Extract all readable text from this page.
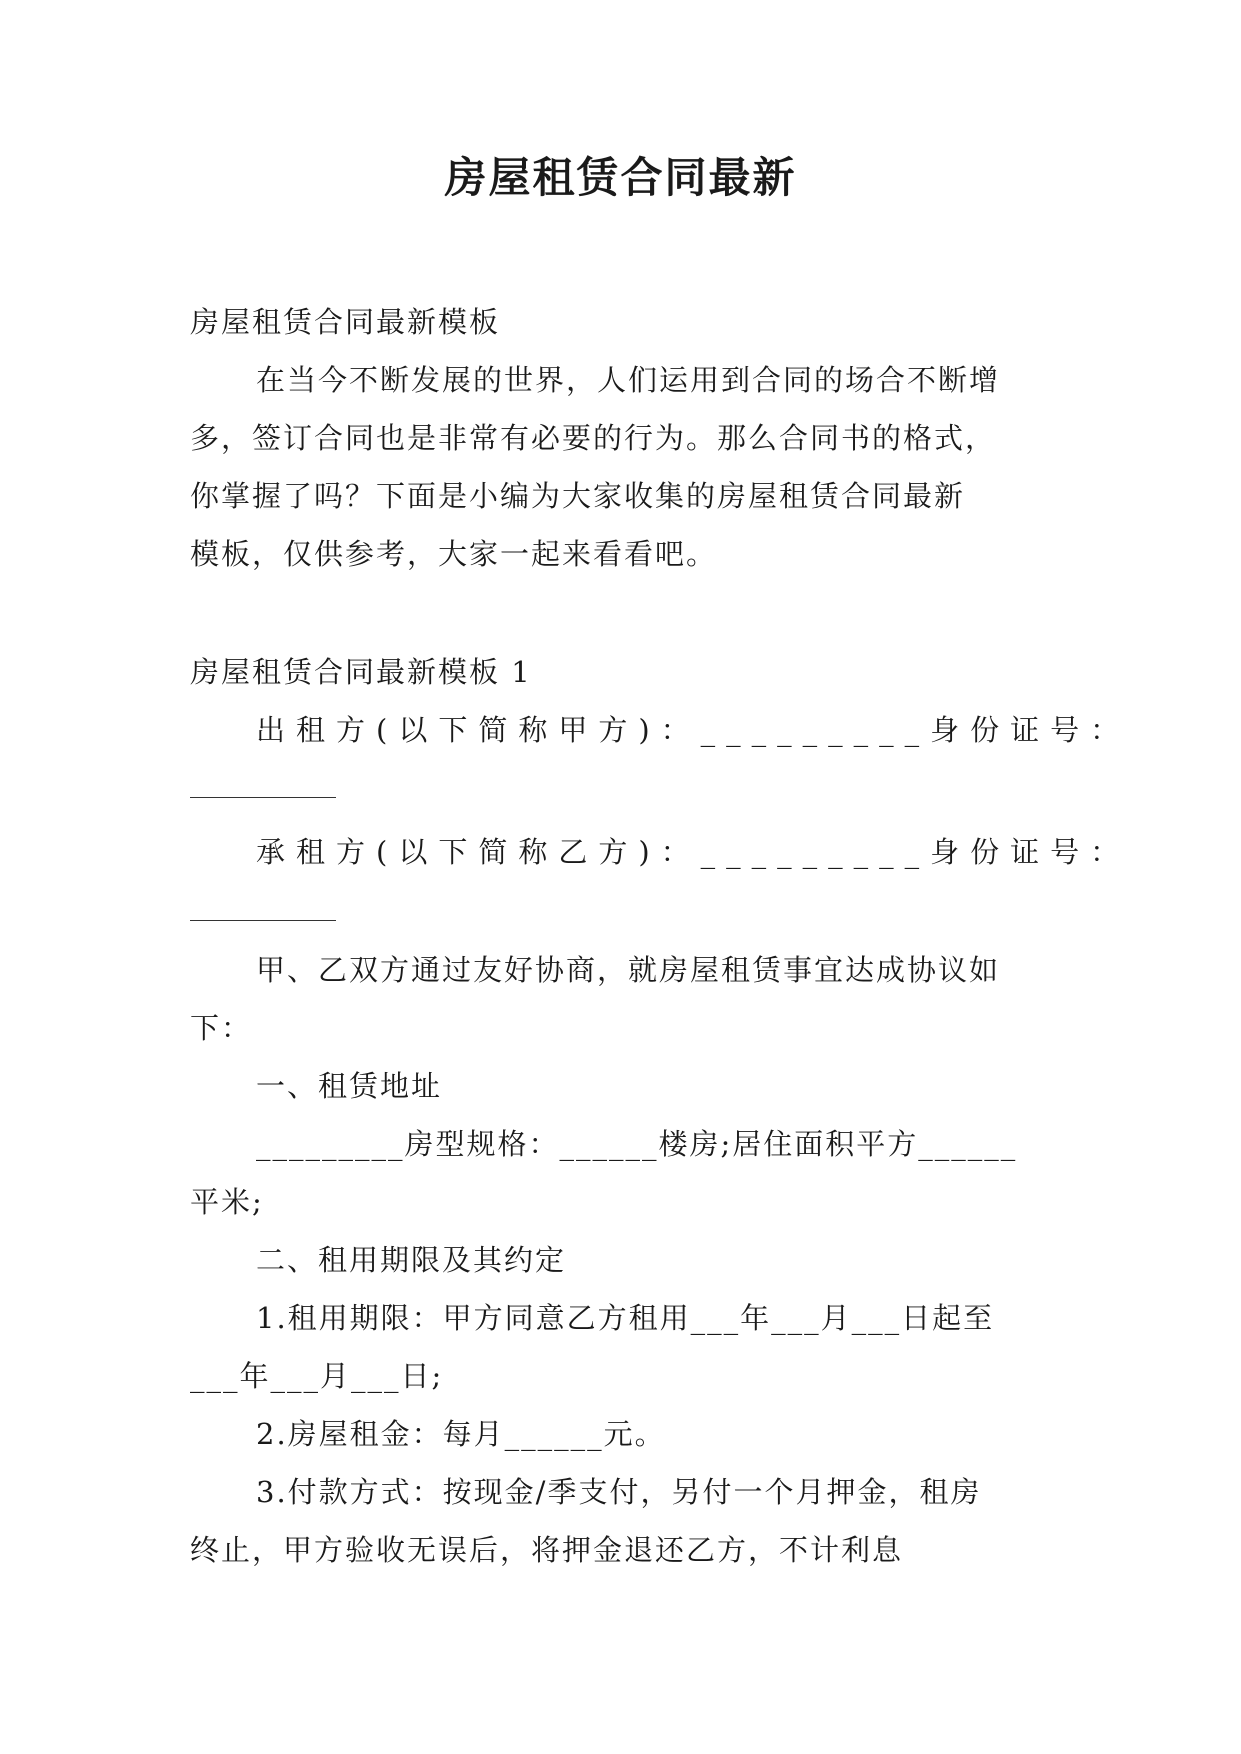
房屋租赁合同最新
房屋租赁合同最新模板
在当今不断发展的世界，人们运用到合同的场合不断增
多，签订合同也是非常有必要的行为。那么合同书的格式，
你掌握了吗？下面是小编为大家收集的房屋租赁合同最新
模板，仅供参考，大家一起来看看吧。
房屋租赁合同最新模板 1
出租方(以下简称甲方)：_________身份证号：
承租方(以下简称乙方)：_________身份证号：
甲、乙双方通过友好协商，就房屋租赁事宜达成协议如
下：
一、租赁地址
_________房型规格：______楼房;居住面积平方______
平米;
二、租用期限及其约定
1.租用期限：甲方同意乙方租用___年___月___日起至
___年___月___日;
2.房屋租金：每月______元。
3.付款方式：按现金/季支付，另付一个月押金，租房
终止，甲方验收无误后，将押金退还乙方，不计利息
